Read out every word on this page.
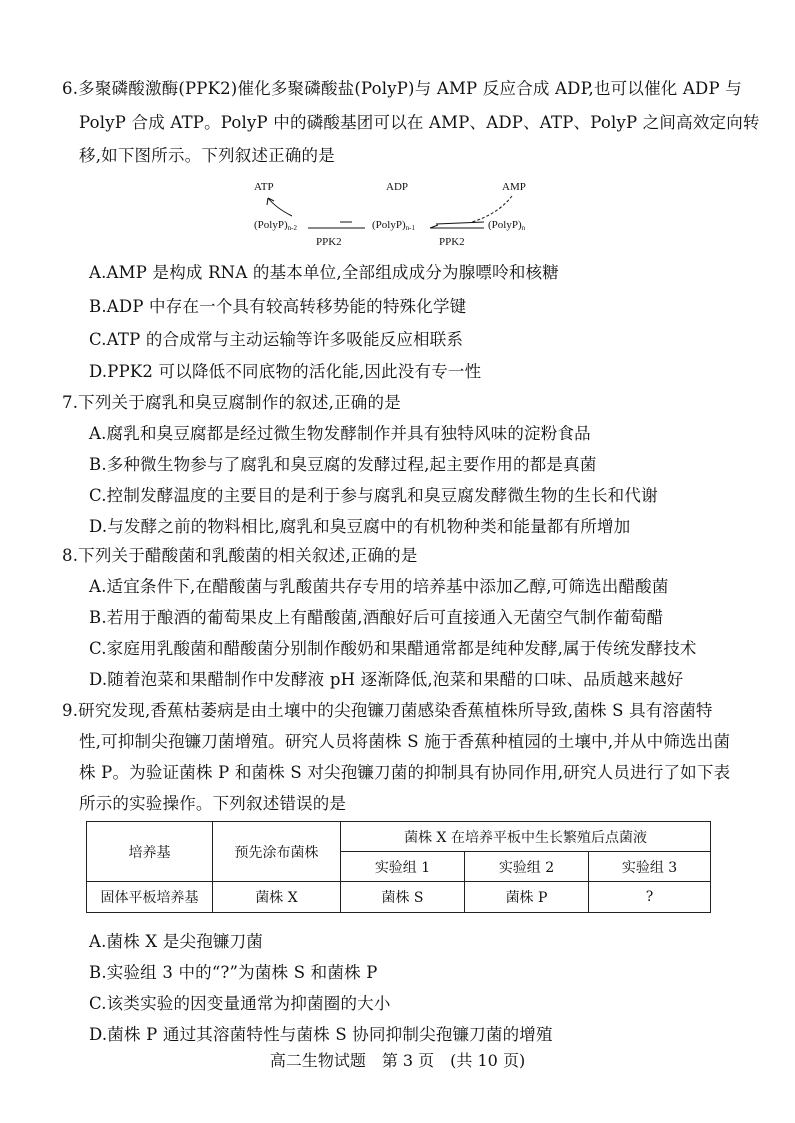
6.多聚磷酸激酶(PPK2)催化多聚磷酸盐(PolyP)与 AMP 反应合成 ADP,也可以催化 ADP 与
PolyP 合成 ATP。PolyP 中的磷酸基团可以在 AMP、ADP、ATP、PolyP 之间高效定向转
移,如下图所示。下列叙述正确的是
ATP	ADP	AMP
(PolyP)n-2	(PolyP)n-1	(PolyP)n
PPK2	PPK2
A.AMP 是构成 RNA 的基本单位,全部组成成分为腺嘌呤和核糖
B.ADP 中存在一个具有较高转移势能的特殊化学键
C.ATP 的合成常与主动运输等许多吸能反应相联系
D.PPK2 可以降低不同底物的活化能,因此没有专一性
7.下列关于腐乳和臭豆腐制作的叙述,正确的是
A.腐乳和臭豆腐都是经过微生物发酵制作并具有独特风味的淀粉食品
B.多种微生物参与了腐乳和臭豆腐的发酵过程,起主要作用的都是真菌
C.控制发酵温度的主要目的是利于参与腐乳和臭豆腐发酵微生物的生长和代谢
D.与发酵之前的物料相比,腐乳和臭豆腐中的有机物种类和能量都有所增加
8.下列关于醋酸菌和乳酸菌的相关叙述,正确的是
A.适宜条件下,在醋酸菌与乳酸菌共存专用的培养基中添加乙醇,可筛选出醋酸菌
B.若用于酿酒的葡萄果皮上有醋酸菌,酒酿好后可直接通入无菌空气制作葡萄醋
C.家庭用乳酸菌和醋酸菌分别制作酸奶和果醋通常都是纯种发酵,属于传统发酵技术
D.随着泡菜和果醋制作中发酵液 pH 逐渐降低,泡菜和果醋的口味、品质越来越好
9.研究发现,香蕉枯萎病是由土壤中的尖孢镰刀菌感染香蕉植株所导致,菌株 S 具有溶菌特
性,可抑制尖孢镰刀菌增殖。研究人员将菌株 S 施于香蕉种植园的土壤中,并从中筛选出菌
株 P。为验证菌株 P 和菌株 S 对尖孢镰刀菌的抑制具有协同作用,研究人员进行了如下表
所示的实验操作。下列叙述错误的是
培养基	预先涂布菌株	菌株 X 在培养平板中生长繁殖后点菌液		
		实验组 1	实验组 2	实验组 3
固体平板培养基	菌株 X	菌株 S	菌株 P	?
A.菌株 X 是尖孢镰刀菌
B.实验组 3 中的“?”为菌株 S 和菌株 P
C.该类实验的因变量通常为抑菌圈的大小
D.菌株 P 通过其溶菌特性与菌株 S 协同抑制尖孢镰刀菌的增殖
高二生物试题　第 3 页　(共 10 页)
